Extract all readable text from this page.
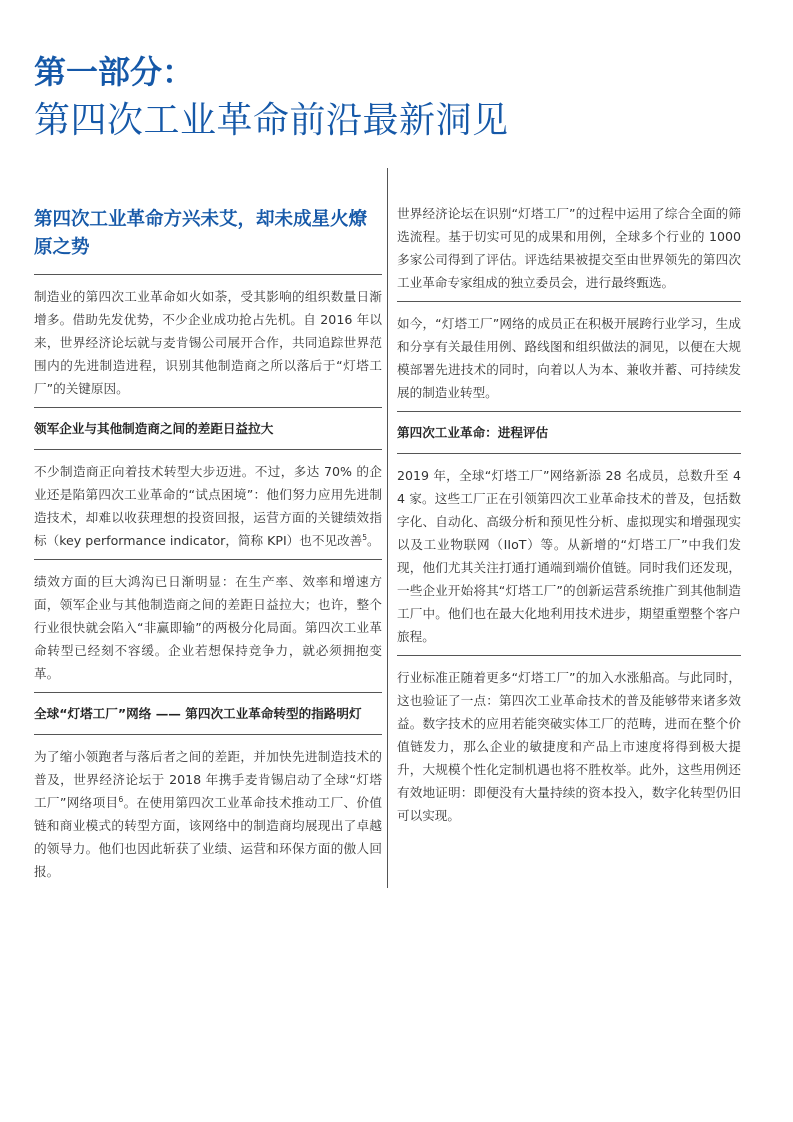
第一部分：
第四次工业革命前沿最新洞见
第四次工业革命方兴未艾，却未成星火燎原之势

制造业的第四次工业革命如火如荼，受其影响的组织数量日渐增多。借助先发优势，不少企业成功抢占先机。自 2016 年以来，世界经济论坛就与麦肯锡公司展开合作，共同追踪世界范围内的先进制造进程，识别其他制造商之所以落后于“灯塔工厂”的关键原因。

领军企业与其他制造商之间的差距日益拉大

不少制造商正向着技术转型大步迈进。不过，多达 70% 的企业还是陷第四次工业革命的“试点困境”：他们努力应用先进制造技术，却难以收获理想的投资回报，运营方面的关键绩效指标（key performance indicator，简称 KPI）也不见改善$^5$。

绩效方面的巨大鸿沟已日渐明显：在生产率、效率和增速方面，领军企业与其他制造商之间的差距日益拉大；也许，整个行业很快就会陷入“非赢即输”的两极分化局面。第四次工业革命转型已经刻不容缓。企业若想保持竞争力，就必须拥抱变革。

全球“灯塔工厂”网络 —— 第四次工业革命转型的指路明灯

为了缩小领跑者与落后者之间的差距，并加快先进制造技术的普及，世界经济论坛于 2018 年携手麦肯锡启动了全球“灯塔工厂”网络项目$^6$。在使用第四次工业革命技术推动工厂、价值链和商业模式的转型方面，该网络中的制造商均展现出了卓越的领导力。他们也因此斩获了业绩、运营和环保方面的傲人回报。

世界经济论坛在识别“灯塔工厂”的过程中运用了综合全面的筛选流程。基于切实可见的成果和用例，全球多个行业的 1000 多家公司得到了评估。评选结果被提交至由世界领先的第四次工业革命专家组成的独立委员会，进行最终甄选。

如今，“灯塔工厂”网络的成员正在积极开展跨行业学习，生成和分享有关最佳用例、路线图和组织做法的洞见，以便在大规模部署先进技术的同时，向着以人为本、兼收并蓄、可持续发展的制造业转型。

第四次工业革命：进程评估

2019 年，全球“灯塔工厂”网络新添 28 名成员，总数升至 44 家。这些工厂正在引领第四次工业革命技术的普及，包括数字化、自动化、高级分析和预见性分析、虚拟现实和增强现实以及工业物联网（IIoT）等。从新增的“灯塔工厂”中我们发现，他们尤其关注打通打通端到端价值链。同时我们还发现，一些企业开始将其“灯塔工厂”的创新运营系统推广到其他制造工厂中。他们也在最大化地利用技术进步，期望重塑整个客户旅程。

行业标准正随着更多“灯塔工厂”的加入水涨船高。与此同时，这也验证了一点：第四次工业革命技术的普及能够带来诸多效益。数字技术的应用若能突破实体工厂的范畴，进而在整个价值链发力，那么企业的敏捷度和产品上市速度将得到极大提升，大规模个性化定制机遇也将不胜枚举。此外，这些用例还有效地证明：即便没有大量持续的资本投入，数字化转型仍旧可以实现。
